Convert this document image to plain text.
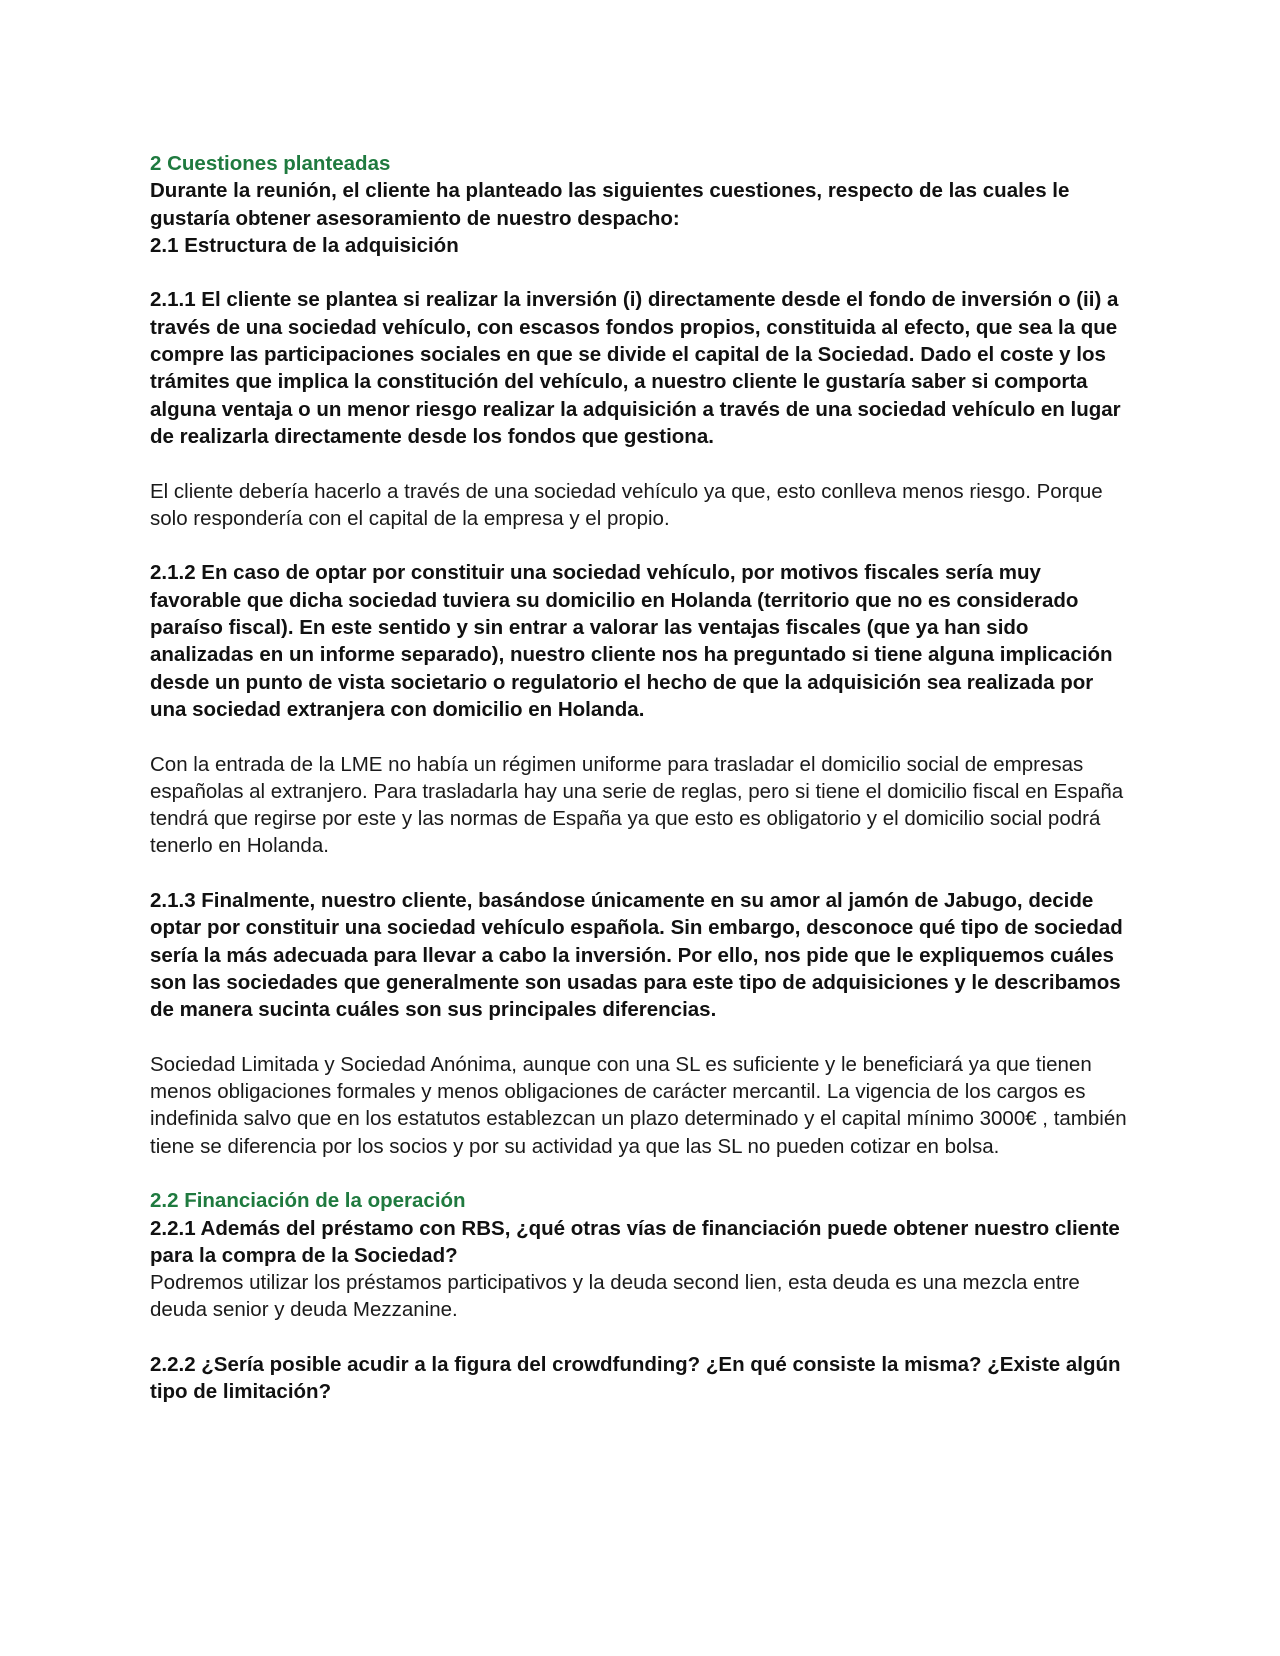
2 Cuestiones planteadas

Durante la reunión, el cliente ha planteado las siguientes cuestiones, respecto de las cuales le gustaría obtener asesoramiento de nuestro despacho:

2.1 Estructura de la adquisición

2.1.1 El cliente se plantea si realizar la inversión (i) directamente desde el fondo de inversión o (ii) a través de una sociedad vehículo, con escasos fondos propios, constituida al efecto, que sea la que compre las participaciones sociales en que se divide el capital de la Sociedad. Dado el coste y los trámites que implica la constitución del vehículo, a nuestro cliente le gustaría saber si comporta alguna ventaja o un menor riesgo realizar la adquisición a través de una sociedad vehículo en lugar de realizarla directamente desde los fondos que gestiona.

El cliente debería hacerlo a través de una sociedad vehículo ya que, esto conlleva menos riesgo. Porque solo respondería con el capital de la empresa y el propio.

2.1.2 En caso de optar por constituir una sociedad vehículo, por motivos fiscales sería muy favorable que dicha sociedad tuviera su domicilio en Holanda (territorio que no es considerado paraíso fiscal). En este sentido y sin entrar a valorar las ventajas fiscales (que ya han sido analizadas en un informe separado), nuestro cliente nos ha preguntado si tiene alguna implicación desde un punto de vista societario o regulatorio el hecho de que la adquisición sea realizada por una sociedad extranjera con domicilio en Holanda.

Con la entrada de la LME no había un régimen uniforme para trasladar el domicilio social de empresas españolas al extranjero. Para trasladarla hay una serie de reglas, pero si tiene el domicilio fiscal en España tendrá que regirse por este y las normas de España ya que esto es obligatorio y el domicilio social podrá tenerlo en Holanda.

2.1.3 Finalmente, nuestro cliente, basándose únicamente en su amor al jamón de Jabugo, decide optar por constituir una sociedad vehículo española. Sin embargo, desconoce qué tipo de sociedad sería la más adecuada para llevar a cabo la inversión. Por ello, nos pide que le expliquemos cuáles son las sociedades que generalmente son usadas para este tipo de adquisiciones y le describamos de manera sucinta cuáles son sus principales diferencias.

Sociedad Limitada y Sociedad Anónima, aunque con una SL es suficiente y le beneficiará ya que tienen menos obligaciones formales y menos obligaciones de carácter mercantil. La vigencia de los cargos es indefinida salvo que en los estatutos establezcan un plazo determinado y el capital mínimo 3000€ , también tiene se diferencia por los socios y por su actividad ya que las SL no pueden cotizar en bolsa.

2.2 Financiación de la operación

2.2.1 Además del préstamo con RBS, ¿qué otras vías de financiación puede obtener nuestro cliente para la compra de la Sociedad?

Podremos utilizar los préstamos participativos y la deuda second lien, esta deuda es una mezcla entre deuda senior y deuda Mezzanine.

2.2.2 ¿Sería posible acudir a la figura del crowdfunding? ¿En qué consiste la misma? ¿Existe algún tipo de limitación?
